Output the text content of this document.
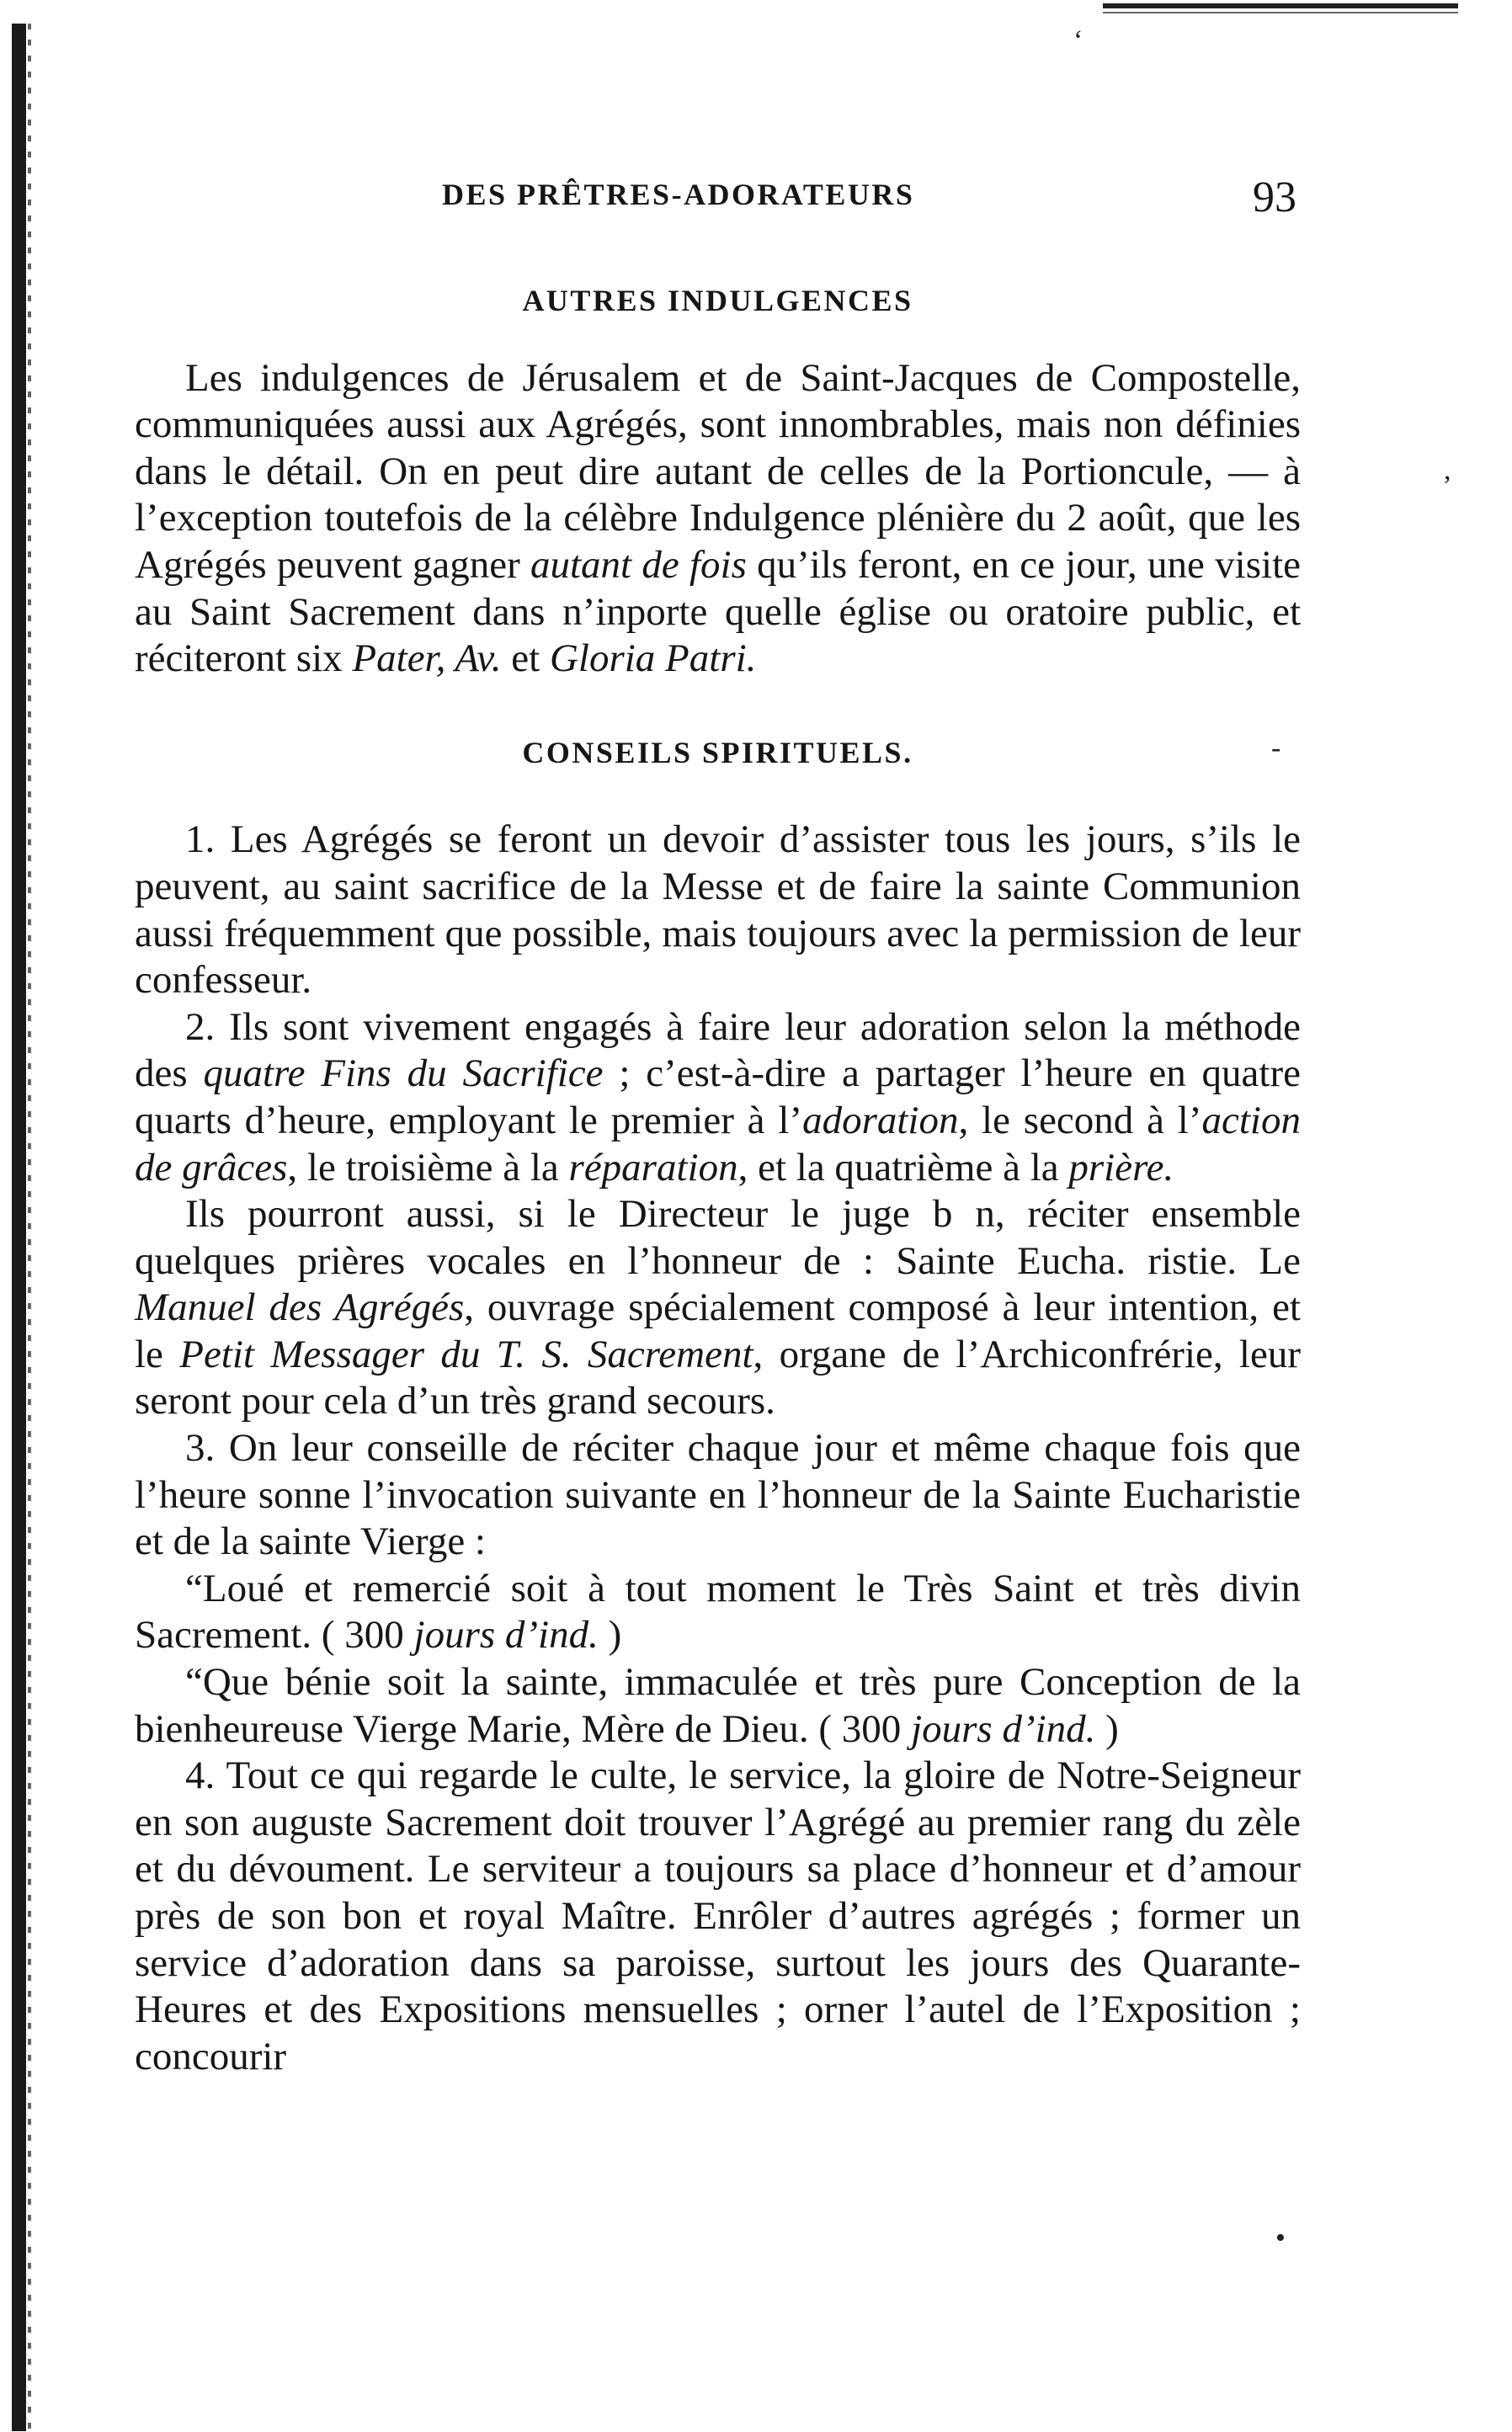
DES PRÊTRES-ADORATEURS	93

AUTRES INDULGENCES

Les indulgences de Jérusalem et de Saint-Jacques de Compostelle, communiquées aussi aux Agrégés, sont innombrables, mais non définies dans le détail. On en peut dire autant de celles de la Portioncule, — à l’exception toutefois de la célèbre Indulgence plénière du 2 août, que les Agrégés peuvent gagner autant de fois qu’ils feront, en ce jour, une visite au Saint Sacrement dans n’inporte quelle église ou oratoire public, et réciteront six Pater, Av. et Gloria Patri.

CONSEILS SPIRITUELS.

1. Les Agrégés se feront un devoir d’assister tous les jours, s’ils le peuvent, au saint sacrifice de la Messe et de faire la sainte Communion aussi fréquemment que possible, mais toujours avec la permission de leur confesseur.

2. Ils sont vivement engagés à faire leur adoration selon la méthode des quatre Fins du Sacrifice ; c’est-à-dire a partager l’heure en quatre quarts d’heure, employant le premier à l’adoration, le second à l’action de grâces, le troisième à la réparation, et la quatrième à la prière.

Ils pourront aussi, si le Directeur le juge b n, réciter ensemble quelques prières vocales en l’honneur de : Sainte Eucha. ristie. Le Manuel des Agrégés, ouvrage spécialement composé à leur intention, et le Petit Messager du T. S. Sacrement, organe de l’Archiconfrérie, leur seront pour cela d’un très grand secours.

3. On leur conseille de réciter chaque jour et même chaque fois que l’heure sonne l’invocation suivante en l’honneur de la Sainte Eucharistie et de la sainte Vierge :

“Loué et remercié soit à tout moment le Très Saint et très divin Sacrement. ( 300 jours d’ind. )

“Que bénie soit la sainte, immaculée et très pure Conception de la bienheureuse Vierge Marie, Mère de Dieu. ( 300 jours d’ind. )

4. Tout ce qui regarde le culte, le service, la gloire de Notre-Seigneur en son auguste Sacrement doit trouver l’Agrégé au premier rang du zèle et du dévoument. Le serviteur a toujours sa place d’honneur et d’amour près de son bon et royal Maître. Enrôler d’autres agrégés ; former un service d’adoration dans sa paroisse, surtout les jours des Quarante-Heures et des Expositions mensuelles ; orner l’autel de l’Exposition ; concourir

‘
,
-
•
